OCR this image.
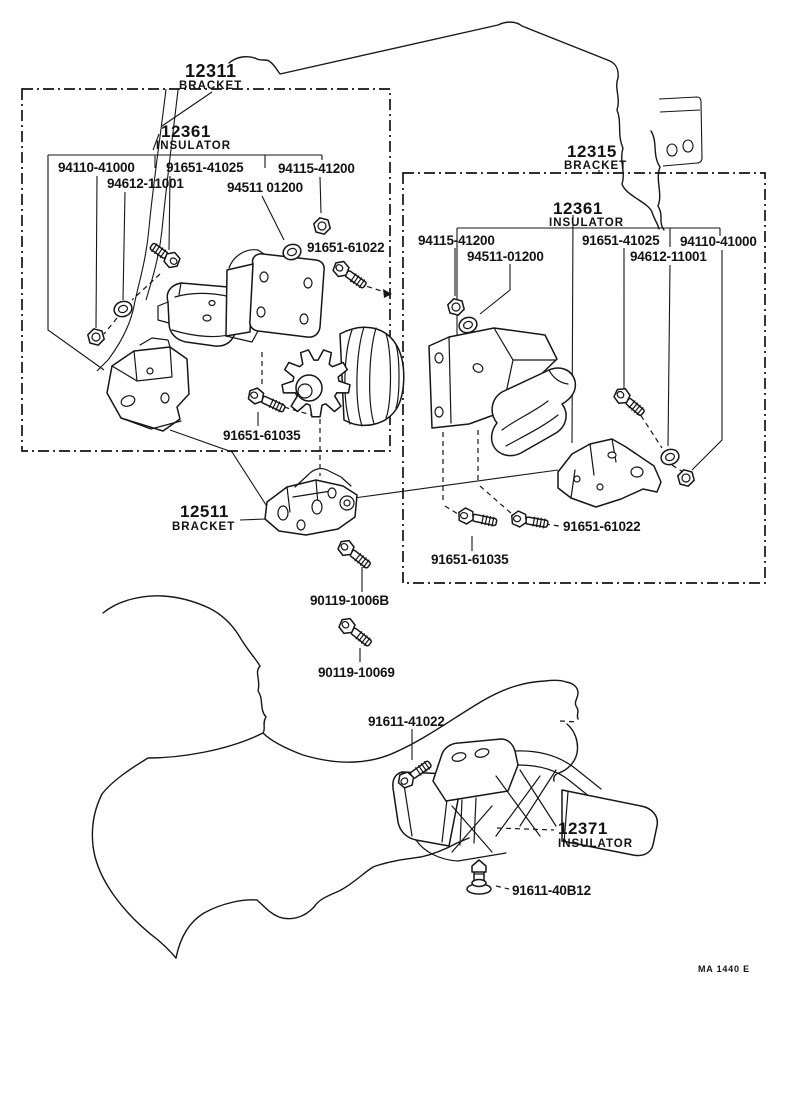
12311
BRACKET
12361
INSULATOR
94110-41000
94612-11001
91651-41025
94511 01200
94115-41200
91651-61022
91651-61035
12315
BRACKET
12361
INSULATOR
94115-41200
94511-01200
91651-41025
94612-11001
94110-41000
91651-61022
91651-61035
12511
BRACKET
90119-1006B
90119-10069
91611-41022
12371
INSULATOR
91611-40B12
MA 1440 E
